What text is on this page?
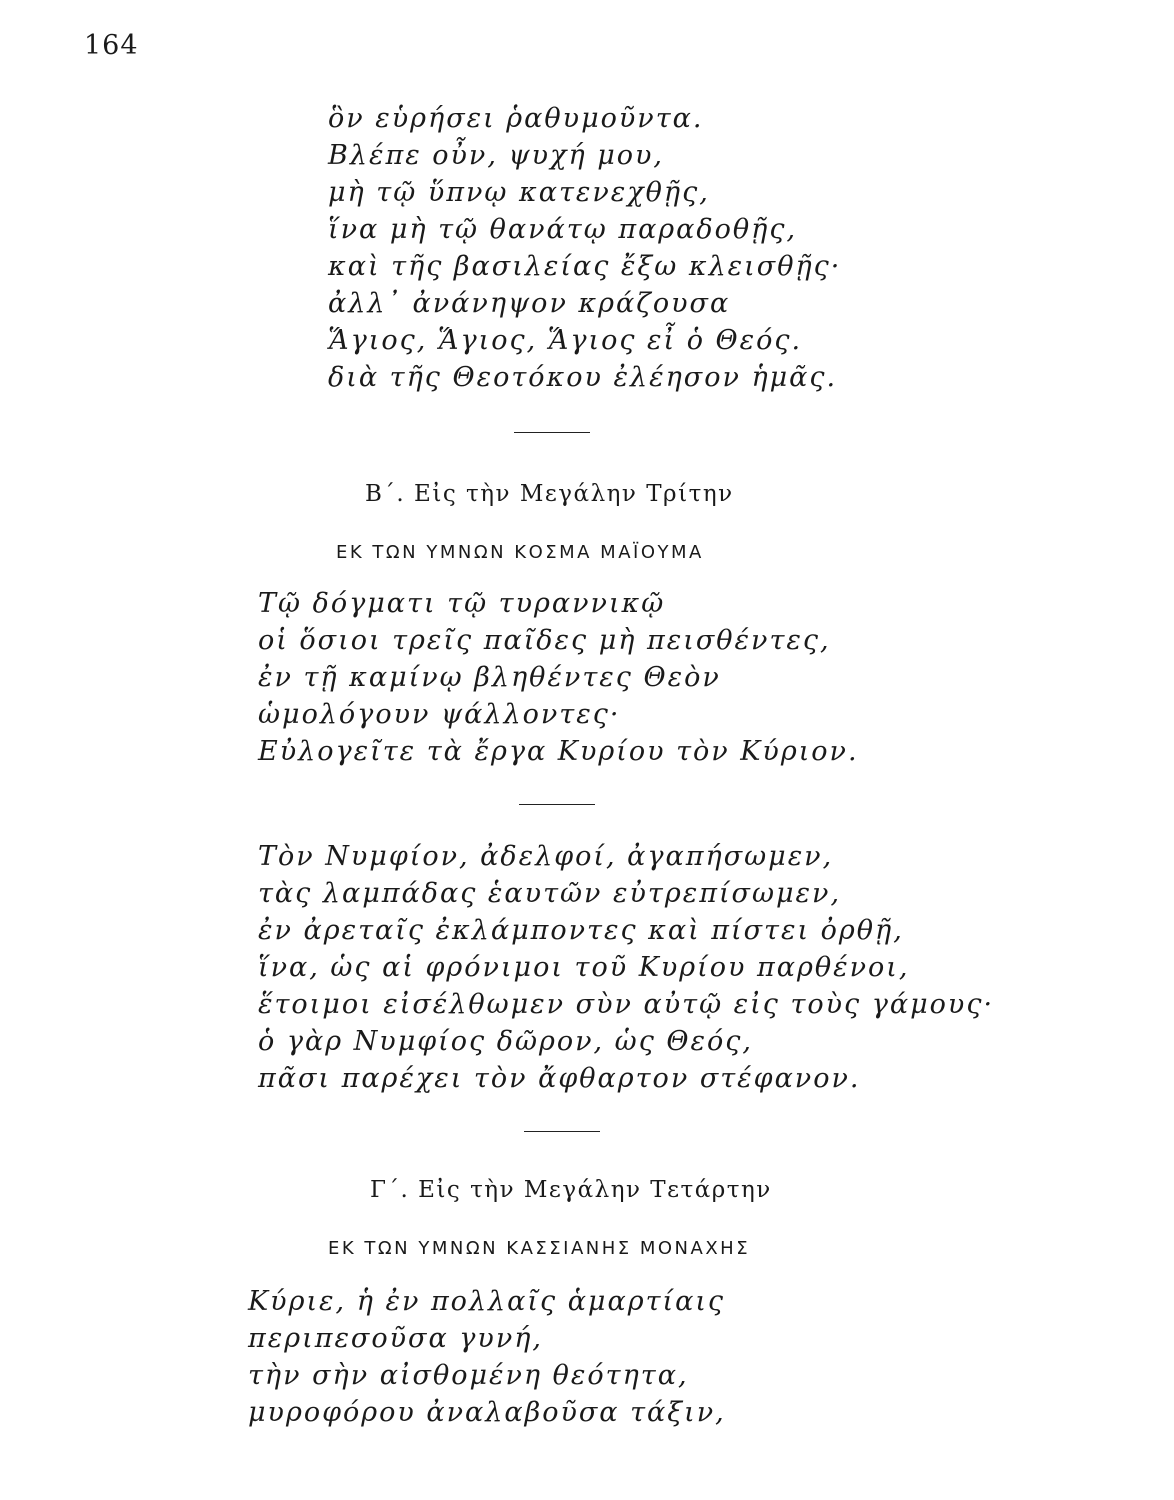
164
ὃν εὑρήσει ῥαθυμοῦντα.
Βλέπε οὖν, ψυχή μου,
μὴ τῷ ὕπνῳ κατενεχθῇς,
ἵνα μὴ τῷ θανάτῳ παραδοθῇς,
καὶ τῆς βασιλείας ἔξω κλεισθῇς·
ἀλλ᾿ ἀνάνηψον κράζουσα
Ἅγιος, Ἅγιος, Ἅγιος εἶ ὁ Θεός.
διὰ τῆς Θεοτόκου ἐλέησον ἡμᾶς.
Β΄. Εἰς τὴν Μεγάλην Τρίτην
ΕΚ ΤΩΝ ΥΜΝΩΝ ΚΟΣΜΑ ΜΑΪΟΥΜΑ
Τῷ δόγματι τῷ τυραννικῷ
οἱ ὅσιοι τρεῖς παῖδες μὴ πεισθέντες,
ἐν τῇ καμίνῳ βληθέντες Θεὸν
ὡμολόγουν ψάλλοντες·
Εὐλογεῖτε τὰ ἔργα Κυρίου τὸν Κύριον.
Τὸν Νυμφίον, ἀδελφοί, ἀγαπήσωμεν,
τὰς λαμπάδας ἑαυτῶν εὐτρεπίσωμεν,
ἐν ἀρεταῖς ἐκλάμποντες καὶ πίστει ὀρθῇ,
ἵνα, ὡς αἱ φρόνιμοι τοῦ Κυρίου παρθένοι,
ἕτοιμοι εἰσέλθωμεν σὺν αὐτῷ εἰς τοὺς γάμους·
ὁ γὰρ Νυμφίος δῶρον, ὡς Θεός,
πᾶσι παρέχει τὸν ἄφθαρτον στέφανον.
Γ΄. Εἰς τὴν Μεγάλην Τετάρτην
ΕΚ ΤΩΝ ΥΜΝΩΝ ΚΑΣΣΙΑΝΗΣ ΜΟΝΑΧΗΣ
Κύριε, ἡ ἐν πολλαῖς ἁμαρτίαις
περιπεσοῦσα γυνή,
τὴν σὴν αἰσθομένη θεότητα,
μυροφόρου ἀναλαβοῦσα τάξιν,
